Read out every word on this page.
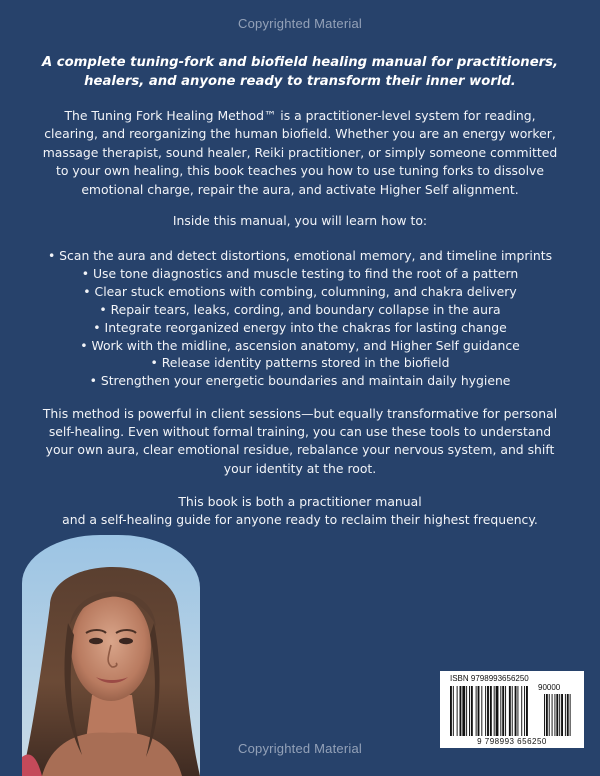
Copyrighted Material
A complete tuning-fork and biofield healing manual for practitioners, healers, and anyone ready to transform their inner world.
The Tuning Fork Healing Method™ is a practitioner-level system for reading, clearing, and reorganizing the human biofield. Whether you are an energy worker, massage therapist, sound healer, Reiki practitioner, or simply someone committed to your own healing, this book teaches you how to use tuning forks to dissolve emotional charge, repair the aura, and activate Higher Self alignment.
Inside this manual, you will learn how to:
• Scan the aura and detect distortions, emotional memory, and timeline imprints
• Use tone diagnostics and muscle testing to find the root of a pattern
• Clear stuck emotions with combing, columning, and chakra delivery
• Repair tears, leaks, cording, and boundary collapse in the aura
• Integrate reorganized energy into the chakras for lasting change
• Work with the midline, ascension anatomy, and Higher Self guidance
• Release identity patterns stored in the biofield
• Strengthen your energetic boundaries and maintain daily hygiene
This method is powerful in client sessions—but equally transformative for personal self-healing. Even without formal training, you can use these tools to understand your own aura, clear emotional residue, rebalance your nervous system, and shift your identity at the root.
This book is both a practitioner manual
and a self-healing guide for anyone ready to reclaim their highest frequency.
Copyrighted Material
ISBN 9798993656250
90000
9 798993 656250
